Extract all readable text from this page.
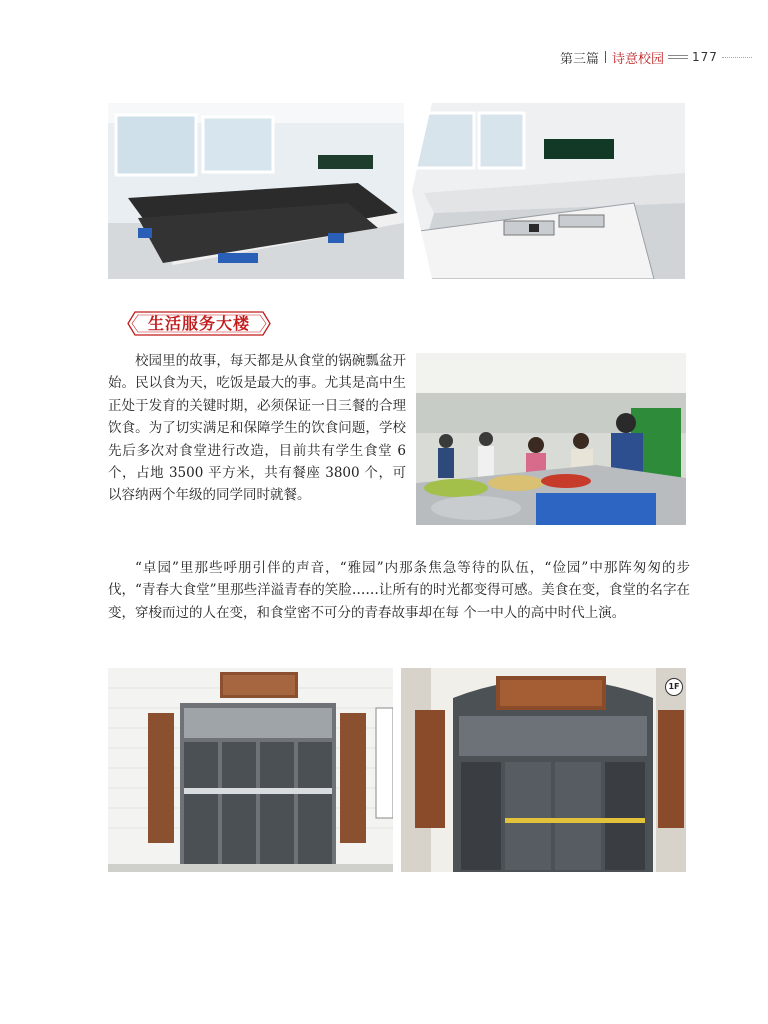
第三篇 诗意校园 177
生活服务大楼

校园里的故事，每天都是从食堂的锅碗瓢盆开始。民以食为天，吃饭是最大的事。尤其是高中生正处于发育的关键时期，必须保证一日三餐的合理饮食。为了切实满足和保障学生的饮食问题，学校先后多次对食堂进行改造，目前共有学生食堂 6 个，占地 3500 平方米，共有餐座 3800 个，可以容纳两个年级的同学同时就餐。

“卓园”里那些呼朋引伴的声音，“雅园”内那条焦急等待的队伍，“俭园”中那阵匆匆的步伐，“青春大食堂”里那些洋溢青春的笑脸……让所有的时光都变得可感。美食在变，食堂的名字在变，穿梭而过的人在变，和食堂密不可分的青春故事却在每 个一中人的高中时代上演。

1F
